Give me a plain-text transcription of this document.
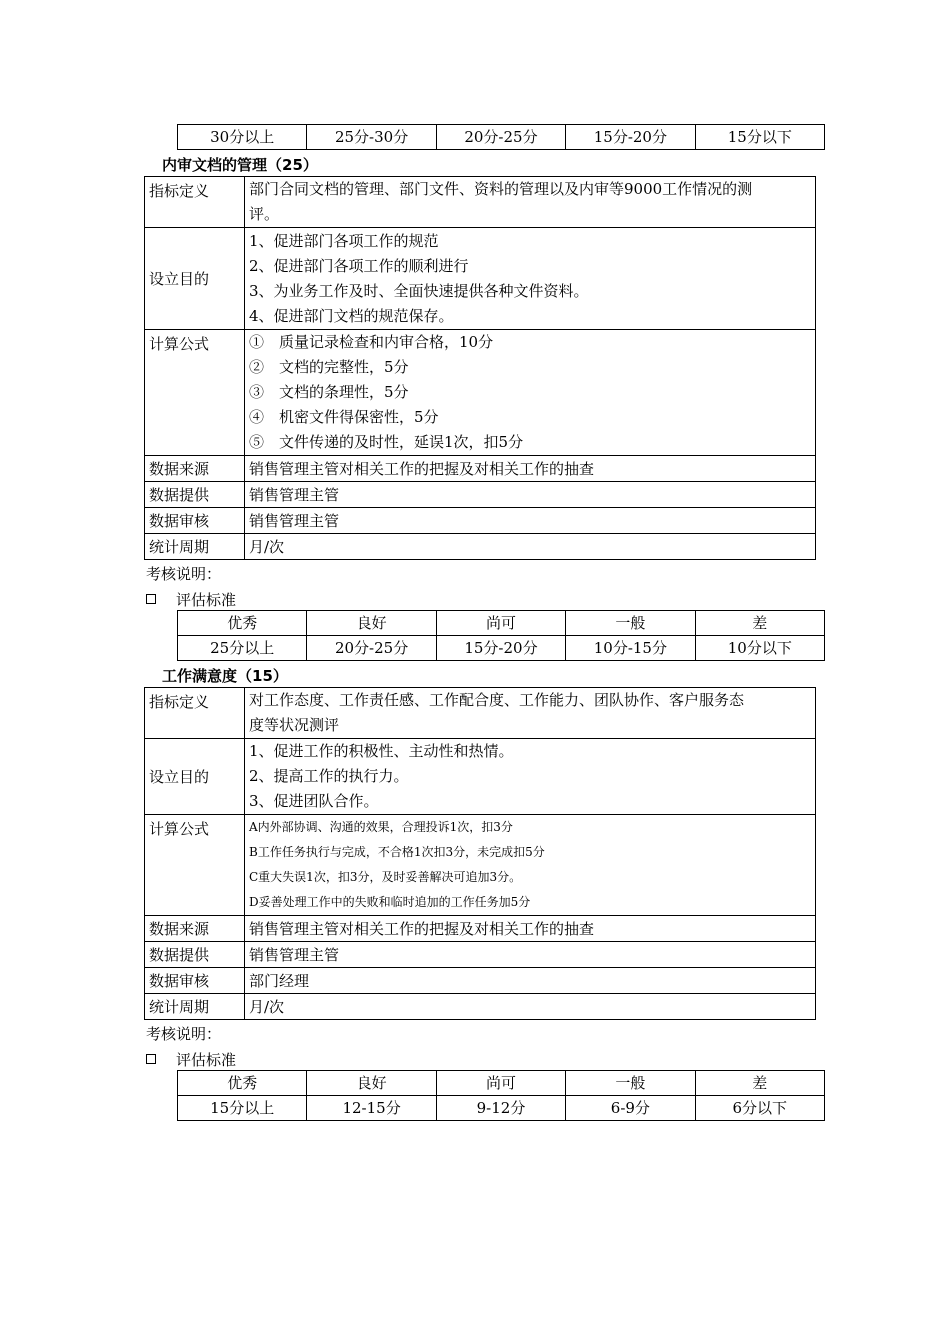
30分以上	25分-30分	20分-25分	15分-20分	15分以下
内审文档的管理（25）
指标定义	部门合同文档的管理、部门文件、资料的管理以及内审等9000工作情况的测
评。

设立目的	1、促进部门各项工作的规范
2、促进部门各项工作的顺利进行
3、为业务工作及时、全面快速提供各种文件资料。
4、促进部门文档的规范保存。

计算公式	①　质量记录检查和内审合格，10分
②　文档的完整性，5分
③　文档的条理性，5分
④　机密文件得保密性，5分
⑤　文件传递的及时性，延误1次，扣5分

数据来源	销售管理主管对相关工作的把握及对相关工作的抽查
数据提供	销售管理主管
数据审核	销售管理主管
统计周期	月/次
考核说明：
评估标准
优秀	良好	尚可	一般	差
25分以上	20分-25分	15分-20分	10分-15分	10分以下
工作满意度（15）
指标定义	对工作态度、工作责任感、工作配合度、工作能力、团队协作、客户服务态
度等状况测评

设立目的	1、促进工作的积极性、主动性和热情。
2、提高工作的执行力。
3、促进团队合作。

计算公式	A内外部协调、沟通的效果，合理投诉1次，扣3分
B工作任务执行与完成，不合格1次扣3分，未完成扣5分
C重大失误1次，扣3分，及时妥善解决可追加3分。
D妥善处理工作中的失败和临时追加的工作任务加5分

数据来源	销售管理主管对相关工作的把握及对相关工作的抽查
数据提供	销售管理主管
数据审核	部门经理
统计周期	月/次
考核说明：
评估标准
优秀	良好	尚可	一般	差
15分以上	12-15分	9-12分	6-9分	6分以下
